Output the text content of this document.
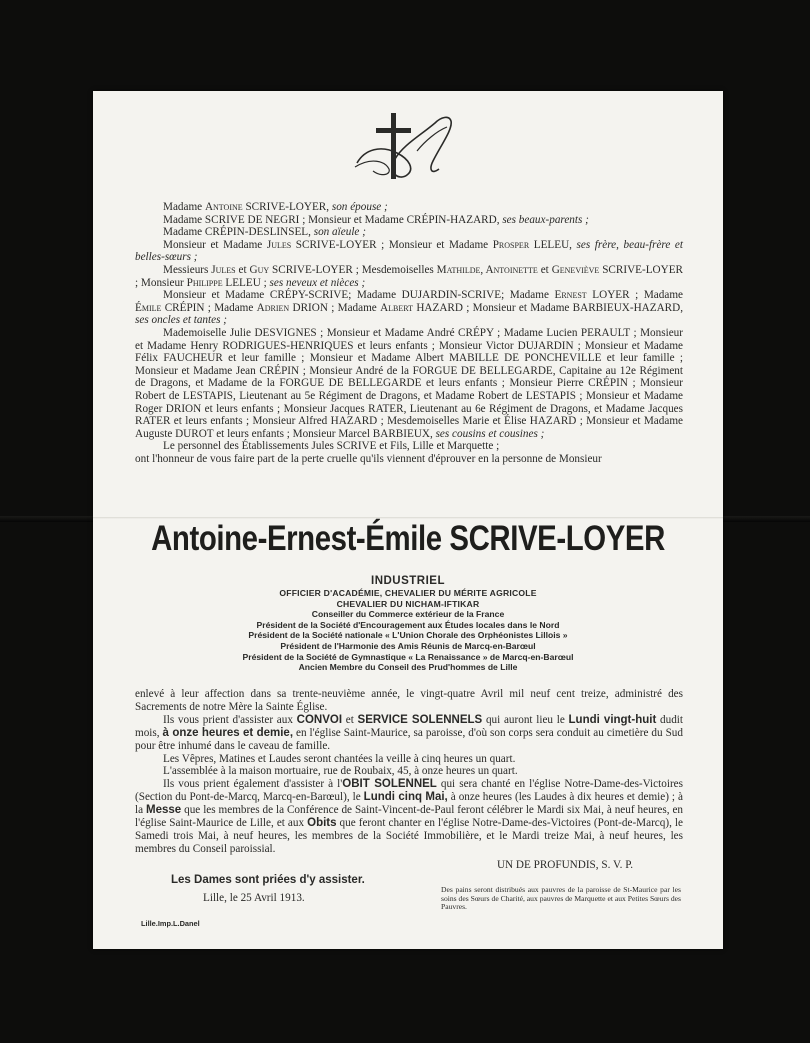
Madame Antoine SCRIVE-LOYER, son épouse ;

Madame SCRIVE DE NEGRI ; Monsieur et Madame CRÉPIN-HAZARD, ses beaux-parents ;

Madame CRÉPIN-DESLINSEL, son aïeule ;

Monsieur et Madame Jules SCRIVE-LOYER ; Monsieur et Madame Prosper LELEU, ses frère, beau-frère et belles-sœurs ;

Messieurs Jules et Guy SCRIVE-LOYER ; Mesdemoiselles Mathilde, Antoinette et Geneviève SCRIVE-LOYER ; Monsieur Philippe LELEU ; ses neveux et nièces ;

Monsieur et Madame CRÉPY-SCRIVE; Madame DUJARDIN-SCRIVE; Madame Ernest LOYER ; Madame Émile CRÉPIN ; Madame Adrien DRION ; Madame Albert HAZARD ; Monsieur et Madame BARBIEUX-HAZARD, ses oncles et tantes ;

Mademoiselle Julie DESVIGNES ; Monsieur et Madame André CRÉPY ; Madame Lucien PERAULT ; Monsieur et Madame Henry RODRIGUES-HENRIQUES et leurs enfants ; Monsieur Victor DUJARDIN ; Monsieur et Madame Félix FAUCHEUR et leur famille ; Monsieur et Madame Albert MABILLE DE PONCHEVILLE et leur famille ; Monsieur et Madame Jean CRÉPIN ; Monsieur André de la FORGUE DE BELLEGARDE, Capitaine au 12e Régiment de Dragons, et Madame de la FORGUE DE BELLEGARDE et leurs enfants ; Monsieur Pierre CRÉPIN ; Monsieur Robert de LESTAPIS, Lieutenant au 5e Régiment de Dragons, et Madame Robert de LESTAPIS ; Monsieur et Madame Roger DRION et leurs enfants ; Monsieur Jacques RATER, Lieutenant au 6e Régiment de Dragons, et Madame Jacques RATER et leurs enfants ; Monsieur Alfred HAZARD ; Mesdemoiselles Marie et Élise HAZARD ; Monsieur et Madame Auguste DUROT et leurs enfants ; Monsieur Marcel BARBIEUX, ses cousins et cousines ;

Le personnel des Établissements Jules SCRIVE et Fils, Lille et Marquette ;

ont l'honneur de vous faire part de la perte cruelle qu'ils viennent d'éprouver en la personne de Monsieur

Antoine-Ernest-Émile SCRIVE-LOYER
INDUSTRIEL
OFFICIER D'ACADÉMIE, CHEVALIER DU MÉRITE AGRICOLE
CHEVALIER DU NICHAM-IFTIKAR
Conseiller du Commerce extérieur de la France
Président de la Société d'Encouragement aux Études locales dans le Nord
Président de la Société nationale « L'Union Chorale des Orphéonistes Lillois »
Président de l'Harmonie des Amis Réunis de Marcq-en-Barœul
Président de la Société de Gymnastique « La Renaissance » de Marcq-en-Barœul
Ancien Membre du Conseil des Prud'hommes de Lille

enlevé à leur affection dans sa trente-neuvième année, le vingt-quatre Avril mil neuf cent treize, administré des Sacrements de notre Mère la Sainte Église.

Ils vous prient d'assister aux CONVOI et SERVICE SOLENNELS qui auront lieu le Lundi vingt-huit dudit mois, à onze heures et demie, en l'église Saint-Maurice, sa paroisse, d'où son corps sera conduit au cimetière du Sud pour être inhumé dans le caveau de famille.

Les Vêpres, Matines et Laudes seront chantées la veille à cinq heures un quart.

L'assemblée à la maison mortuaire, rue de Roubaix, 45, à onze heures un quart.

Ils vous prient également d'assister à l'OBIT SOLENNEL qui sera chanté en l'église Notre-Dame-des-Victoires (Section du Pont-de-Marcq, Marcq-en-Barœul), le Lundi cinq Mai, à onze heures (les Laudes à dix heures et demie) ; à la Messe que les membres de la Conférence de Saint-Vincent-de-Paul feront célébrer le Mardi six Mai, à neuf heures, en l'église Saint-Maurice de Lille, et aux Obits que feront chanter en l'église Notre-Dame-des-Victoires (Pont-de-Marcq), le Samedi trois Mai, à neuf heures, les membres de la Société Immobilière, et le Mardi treize Mai, à neuf heures, les membres du Conseil paroissial.

UN DE PROFUNDIS, S. V. P.

Les Dames sont priées d'y assister.
Lille, le 25 Avril 1913.
Des pains seront distribués aux pauvres de la paroisse de St-Maurice par les soins des Sœurs de Charité, aux pauvres de Marquette et aux Petites Sœurs des Pauvres.
Lille.Imp.L.Danel
